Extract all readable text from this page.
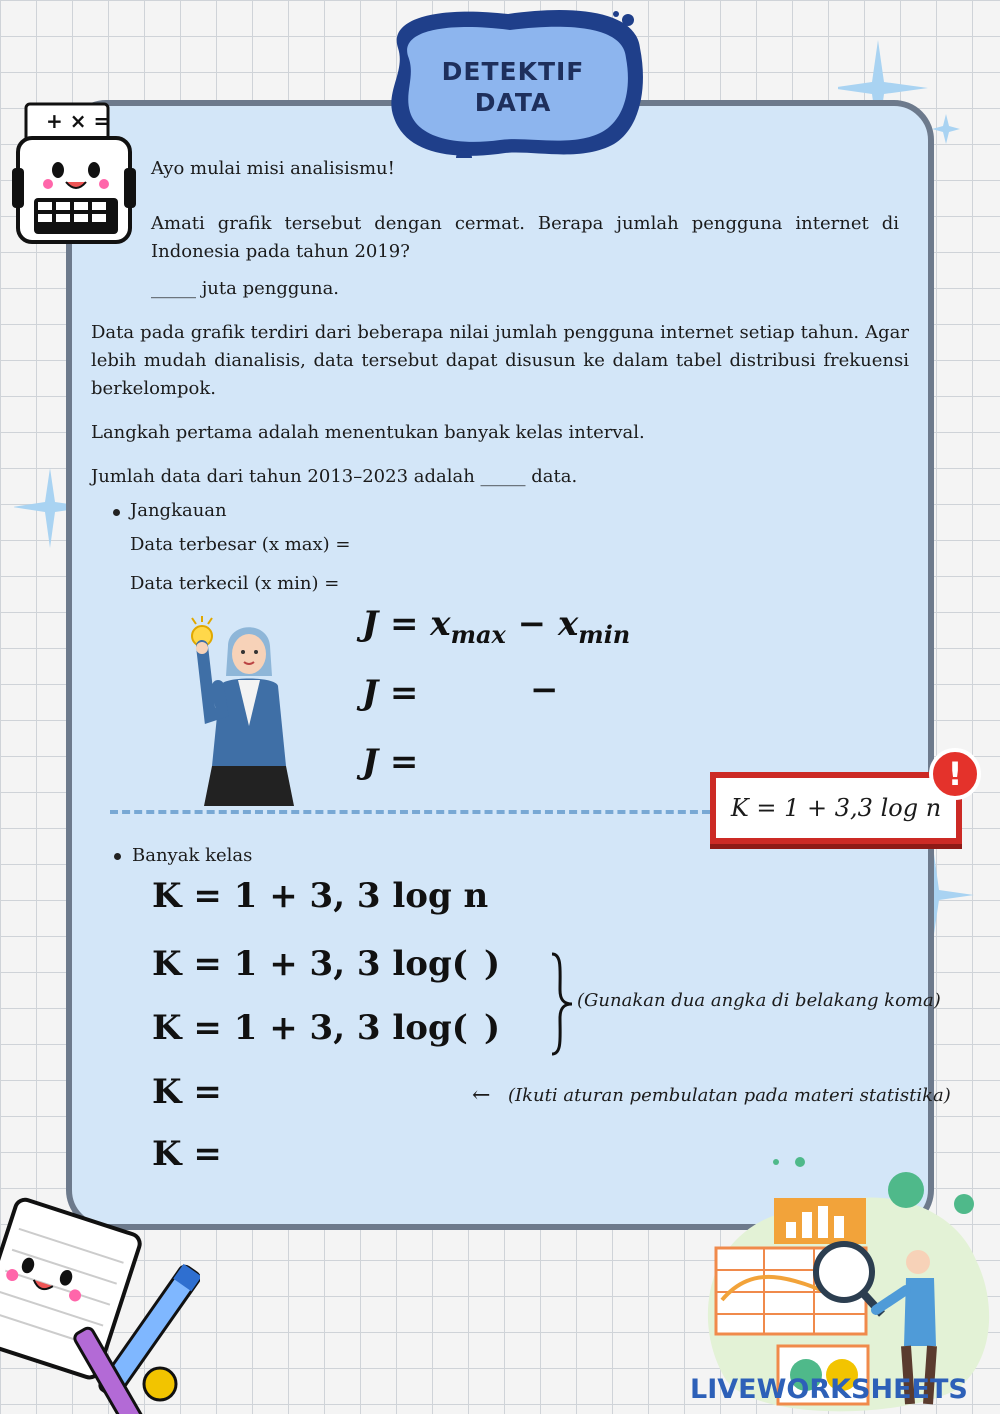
DETEKTIF
DATA
+ × =

Ayo mulai misi analisismu!

Amati grafik tersebut dengan cermat. Berapa jumlah pengguna internet di Indonesia pada tahun 2019?

_____ juta pengguna.

Data pada grafik terdiri dari beberapa nilai jumlah pengguna internet setiap tahun. Agar lebih mudah dianalisis, data tersebut dapat disusun ke dalam tabel distribusi frekuensi berkelompok.

Langkah pertama adalah menentukan banyak kelas interval.

Jumlah data dari tahun 2013–2023 adalah _____ data.

Jangkauan

Data terbesar (x max) =

Data terkecil (x min) =

$J = x_{max} - x_{min}$
J =	−
J =
K = 1 + 3,3 log n
!

Banyak kelas

K = 1 + 3, 3 log n
K = 1 + 3, 3 log( )
K = 1 + 3, 3 log( )
K =
K =
(Gunakan dua angka di belakang koma)
← (Ikuti aturan pembulatan pada materi statistika)
LIVEWORKSHEETS
